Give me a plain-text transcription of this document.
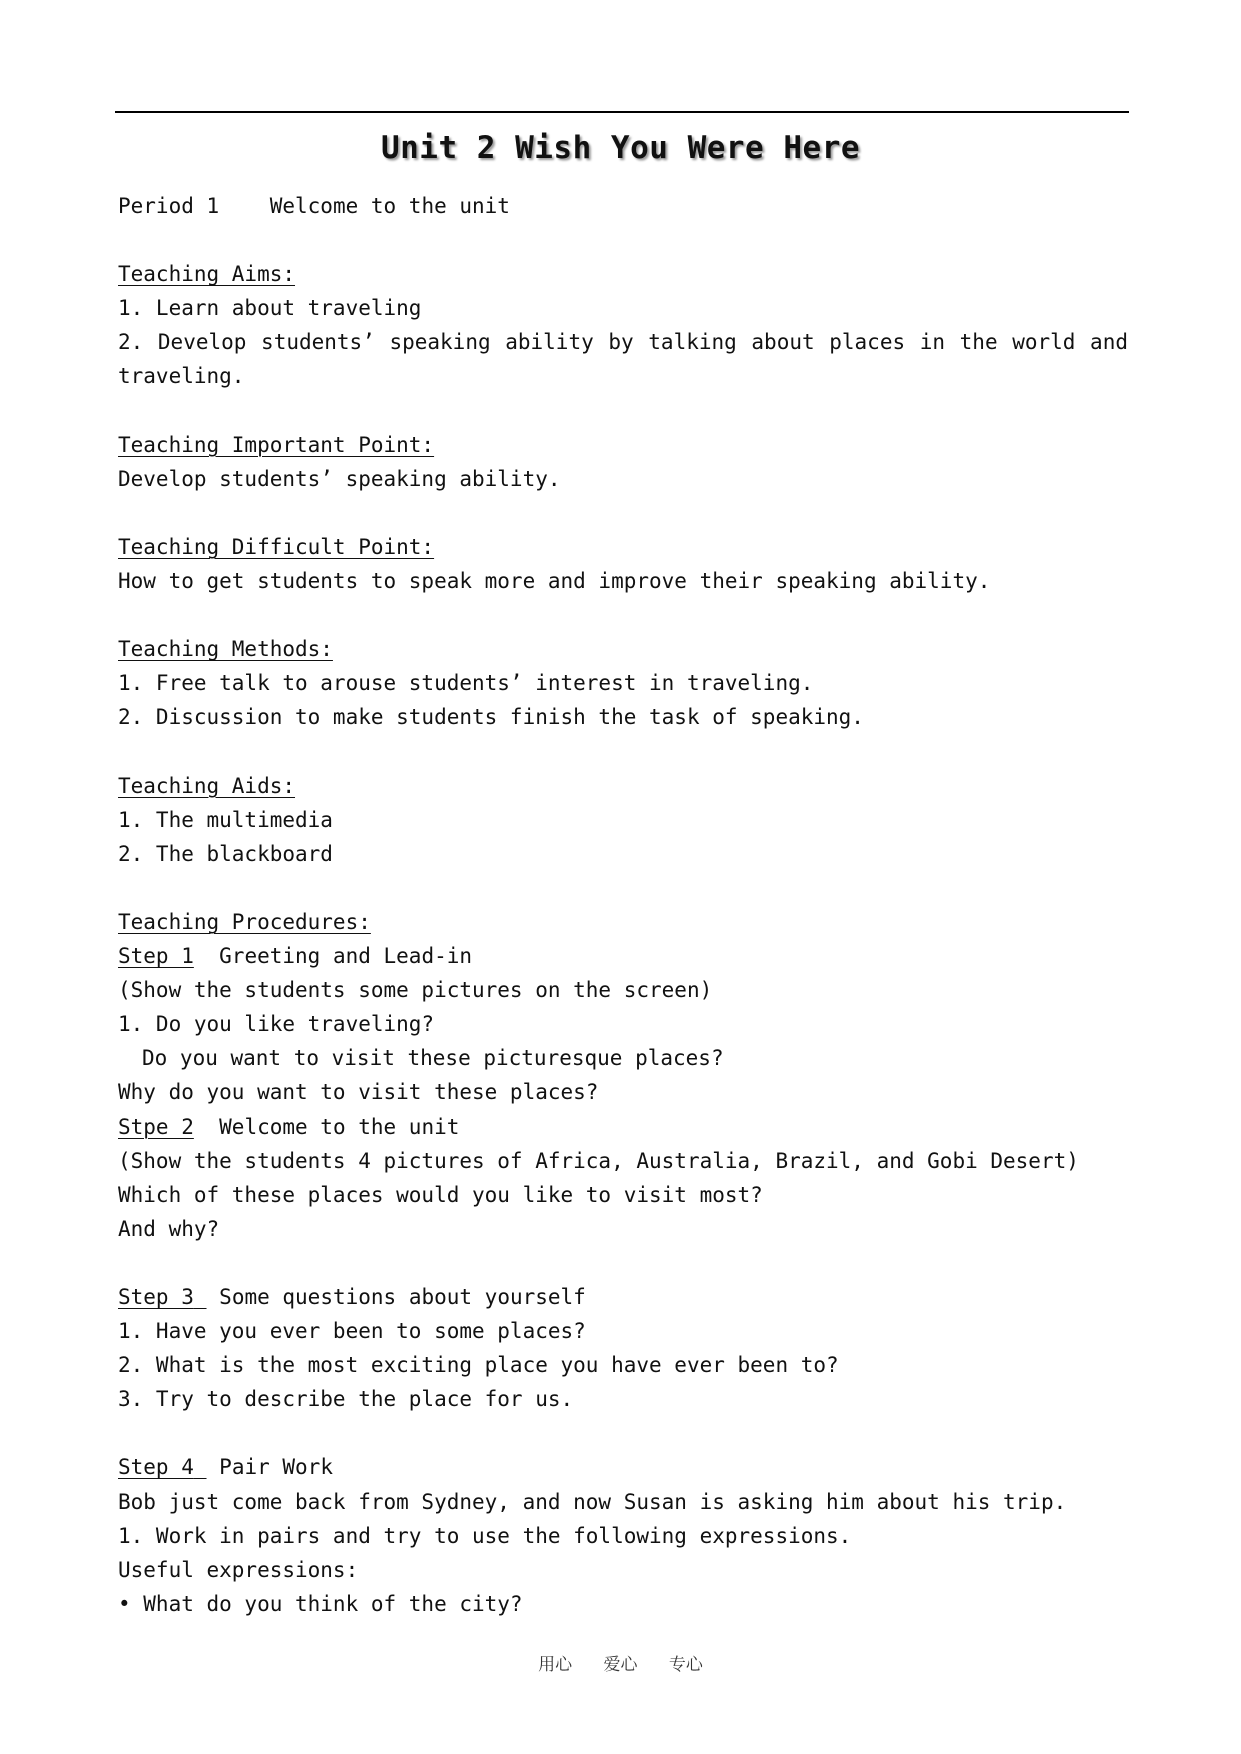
Unit 2 Wish You Were Here
Period 1 Welcome to the unit
Teaching Aims:
1. Learn about traveling
2. Develop students’ speaking ability by talking about places in the world and traveling.
Teaching Important Point:
Develop students’ speaking ability.
Teaching Difficult Point:
How to get students to speak more and improve their speaking ability.
Teaching Methods:
1. Free talk to arouse students’ interest in traveling.
2. Discussion to make students finish the task of speaking.
Teaching Aids:
1. The multimedia
2. The blackboard
Teaching Procedures:
Step 1 Greeting and Lead-in
(Show the students some pictures on the screen)
1. Do you like traveling?
Do you want to visit these picturesque places?
Why do you want to visit these places?
Stpe 2 Welcome to the unit
(Show the students 4 pictures of Africa, Australia, Brazil, and Gobi Desert)
Which of these places would you like to visit most?
And why?
Step 3 Some questions about yourself
1. Have you ever been to some places?
2. What is the most exciting place you have ever been to?
3. Try to describe the place for us.
Step 4 Pair Work
Bob just come back from Sydney, and now Susan is asking him about his trip.
1. Work in pairs and try to use the following expressions.
Useful expressions:
• What do you think of the city?
用心 爱心 专心
